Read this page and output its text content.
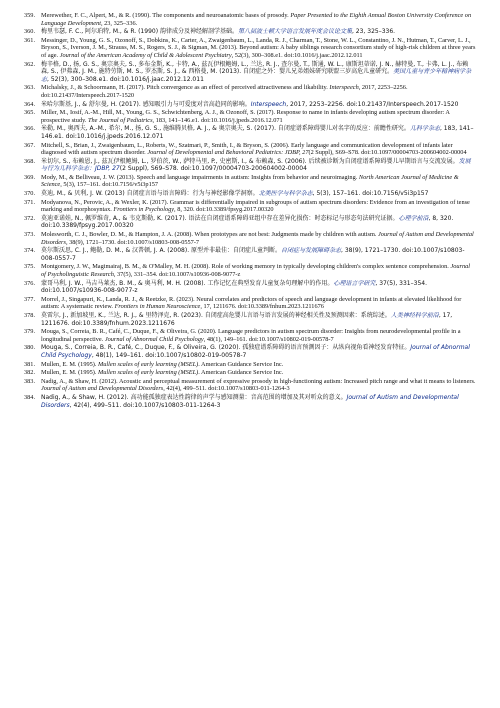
359. Merewether, F. C., Alpert, M., & R. (1990). The components and neuroanatomic bases of prosody. Paper Presented to the Eighth Annual Boston University Conference on Language Development, 23, 325–336.
360. 梅里韦瑟, F. C., 阿尔珀特, M., & R. (1990) 韵律成分及神经解剖学基础。第八届波士顿大学语言发展年度会议论文集, 23, 325–336.
361. Messinger, D., Young, G. S., Ozonoff, S., Dobkins, K., Carter, A., Zwaigenbaum, L., Landa, R. J., Charman, T., Stone, W. L., Constantino, J. N., Hutman, T., Carver, L. J., Bryson, S., Iverson, J. M., Strauss, M. S., Rogers, S. J., & Sigman, M. (2013). Beyond autism: A baby siblings research consortium study of high-risk children at three years of age. Journal of the American Academy of Child & Adolescent Psychiatry, 52(3), 300–308.e1. doi:10.1016/j.jaac.2012.12.011
362. 梅辛格, D., 扬, G. S., 奥宗奥夫, S., 多布金斯, K., 卡特, A., 兹瓦伊根鲍姆, L., 兰达, R. J., 查尔曼, T., 斯通, W. L., 康斯坦蒂诺, J. N., 赫特曼, T., 卡弗, L. J., 布赖森, S., 伊弗森, J. M., 施特劳斯, M. S., 罗杰斯, S. J., & 西格曼, M. (2013). 自闭症之外：婴儿兄弟姐妹研究联盟三岁高危儿童研究。美国儿童与青少年精神病学杂志, 52(3), 300–308.e1. doi:10.1016/j.jaac.2012.12.011
363. Michalsky, J., & Schoormann, H. (2017). Pitch convergence as an effect of perceived attractiveness and likability. Interspeech, 2017, 2253–2256. doi:10.21437/Interspeech.2017-1520
364. 米哈尔斯基, J., & 舒尔曼, H. (2017). 感知吸引力与可爱度对音高趋同的影响。Interspeech, 2017, 2253–2256. doi:10.21437/Interspeech.2017-1520
365. Miller, M., Iosif, A.-M., Hill, M., Young, G. S., Schwichtenberg, A. J., & Ozonoff, S. (2017). Response to name in infants developing autism spectrum disorder: A prospective study. The Journal of Pediatrics, 183, 141–146.e1. doi:10.1016/j.jpeds.2016.12.071
366. 米勒, M., 奥西夫, A.-M., 希尔, M., 扬, G. S., 施维腾贝格, A. J., & 奥宗奥夫, S. (2017). 自闭症谱系障碍婴儿对名字的反应：前瞻性研究。儿科学杂志, 183, 141–146.e1. doi:10.1016/j.jpeds.2016.12.071
367. Mitchell, S., Brian, J., Zwaigenbaum, L., Roberts, W., Szatmari, P., Smith, I., & Bryson, S. (2006). Early language and communication development of infants later diagnosed with autism spectrum disorder. Journal of Developmental and Behavioral Pediatrics: JDBP, 27(2 Suppl), S69–S78. doi:10.1097/00004703-200604002-00004
368. 米切尔, S., 布赖恩, J., 兹瓦伊根鲍姆, L., 罗伯茨, W., 萨特马里, P., 史密斯, I., & 布赖森, S. (2006). 后续被诊断为自闭症谱系障碍婴儿早期语言与交流发展。发展与行为儿科学杂志：JDBP, 27(2 Suppl), S69–S78. doi:10.1097/00004703-200604002-00004
369. Mody, M., & Belliveau, J. W. (2013). Speech and language impairments in autism: Insights from behavior and neuroimaging. North American Journal of Medicine & Science, 5(3), 157–161. doi:10.7156/v5i3p157
370. 莫迪, M., & 贝利, J. W. (2013) 自闭症言语与语言障碍：行为与神经影像学洞察。北美医学与科学杂志, 5(3), 157–161. doi:10.7156/v5i3p157
371. Modyanova, N., Perovic, A., & Wexler, K. (2017). Grammar is differentially impaired in subgroups of autism spectrum disorders: Evidence from an investigation of tense marking and morphosyntax. Frontiers in Psychology, 8, 320. doi:10.3389/fpsyg.2017.00320
372. 莫迪亚诺娃, N., 佩罗维奇, A., & 韦克斯勒, K. (2017). 语法在自闭症谱系障碍亚组中存在差异化损伤：时态标记与形态句法研究证据。心理学前沿, 8, 320. doi:10.3389/fpsyg.2017.00320
373. Molesworth, C. J., Bowler, D. M., & Hampton, J. A. (2008). When prototypes are not best: Judgments made by children with autism. Journal of Autism and Developmental Disorders, 38(9), 1721–1730. doi:10.1007/s10803-008-0557-7
374. 莫尔斯沃思, C. J., 鲍勒, D. M., & 汉普顿, J. A. (2008). 原型并非最佳：自闭症儿童判断。自闭症与发展障碍杂志, 38(9), 1721–1730. doi:10.1007/s10803-008-0557-7
375. Montgomery, J. W., Magimairaj, B. M., & O'Malley, M. H. (2008). Role of working memory in typically developing children's complex sentence comprehension. Journal of Psycholinguistic Research, 37(5), 331–354. doi:10.1007/s10936-008-9077-z
376. 蒙哥马利, J. W., 马吉马莱杰, B. M., & 奥马利, M. H. (2008). 工作记忆在典型发育儿童复杂句理解中的作用。心理语言学研究, 37(5), 331–354. doi:10.1007/s10936-008-9077-z
377. Morrel, J., Singapuri, K., Landa, R. J., & Reetzke, R. (2023). Neural correlates and predictors of speech and language development in infants at elevated likelihood for autism: A systematic review. Frontiers in Human Neuroscience, 17, 1211676. doi:10.3389/fnhum.2023.1211676
378. 莫雷尔, J., 新加坡里, K., 兰达, R. J., & 里特泽克, R. (2023). 自闭症高危婴儿言语与语言发展的神经相关性及预测因素：系统综述。人类神经科学前沿, 17, 1211676. doi:10.3389/fnhum.2023.1211676
379. Mouga, S., Correia, B. R., Café, C., Duque, F., & Oliveira, G. (2020). Language predictors in autism spectrum disorder: Insights from neurodevelopmental profile in a longitudinal perspective. Journal of Abnormal Child Psychology, 48(1), 149–161. doi:10.1007/s10802-019-00578-7
380. Mouga, S., Correia, B. R., Café, C., Duque, F., & Oliveira, G. (2020). 孤独症谱系障碍的语言预测因子：从纵向视角看神经发育特征。Journal of Abnormal Child Psychology, 48(1), 149–161. doi:10.1007/s10802-019-00578-7
381. Mullen, E. M. (1995). Mullen scales of early learning (MSEL). American Guidance Service Inc.
382. Mullen, E. M. (1995). Mullen scales of early learning (MSEL). American Guidance Service Inc.
383. Nadig, A., & Shaw, H. (2012). Acoustic and perceptual measurement of expressive prosody in high-functioning autism: Increased pitch range and what it means to listeners. Journal of Autism and Developmental Disorders, 42(4), 499–511. doi:10.1007/s10803-011-1264-3
384. Nadig, A., & Shaw, H. (2012). 高功能孤独症表达性韵律的声学与感知测量：音高范围的增加及其对听众的意义。Journal of Autism and Developmental Disorders, 42(4), 499–511. doi:10.1007/s10803-011-1264-3
